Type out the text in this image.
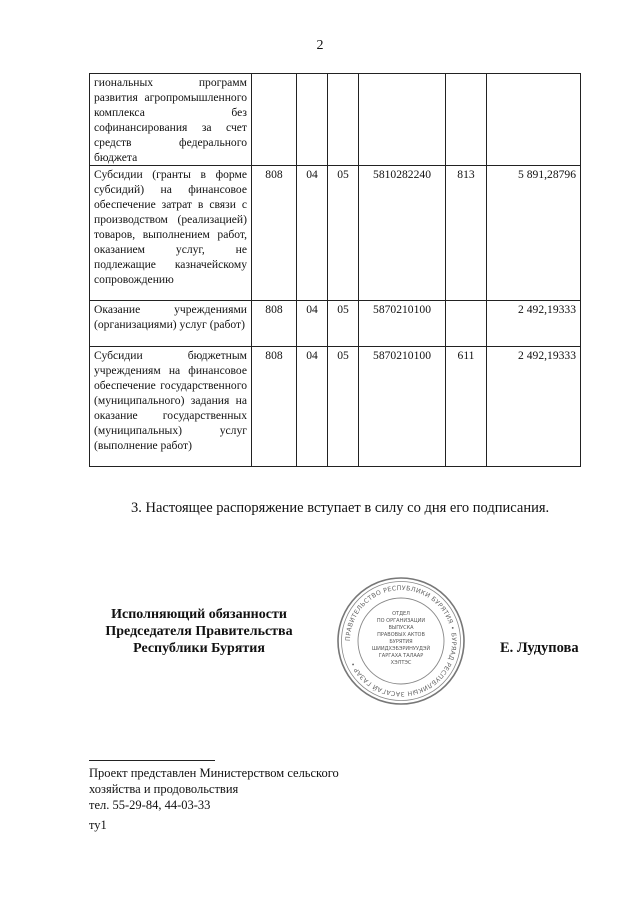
2
гиональных программ развития агропромышленного комплекса без софинансирования за счет средств федерального бюджета						
Субсидии (гранты в форме субсидий) на финансовое обеспечение затрат в связи с производством (реализацией) товаров, выполнением работ, оказанием услуг, не подлежащие казначейскому сопровождению	808	04	05	5810282240	813	5 891,28796
Оказание учреждениями (организациями) услуг (работ)	808	04	05	5870210100		2 492,19333
Субсидии бюджетным учреждениям на финансовое обеспечение государственного (муниципального) задания на оказание государственных (муниципальных) услуг (выполнение работ)	808	04	05	5870210100	611	2 492,19333
3. Настоящее распоряжение вступает в силу со дня его подписания.
Исполняющий обязанности
Председателя Правительства
Республики Бурятия
ПРАВИТЕЛЬСТВО РЕСПУБЛИКИ БУРЯТИЯ • БУРЯАД РЕСПУБЛИКЫН ЗАСАГАЙ ГАЗАР •
ОТДЕЛ
ПО ОРГАНИЗАЦИИ
ВЫПУСКА
ПРАВОВЫХ АКТОВ
БУРЯТИЯ
ШИИДХЭБЭРИНУУДЭЙ
ГАРГАХА ТАЛААР
ХЭЛТЭС
Е. Лудупова
Проект представлен Министерством сельского
хозяйства и продовольствия
тел. 55-29-84, 44-03-33
ту1
